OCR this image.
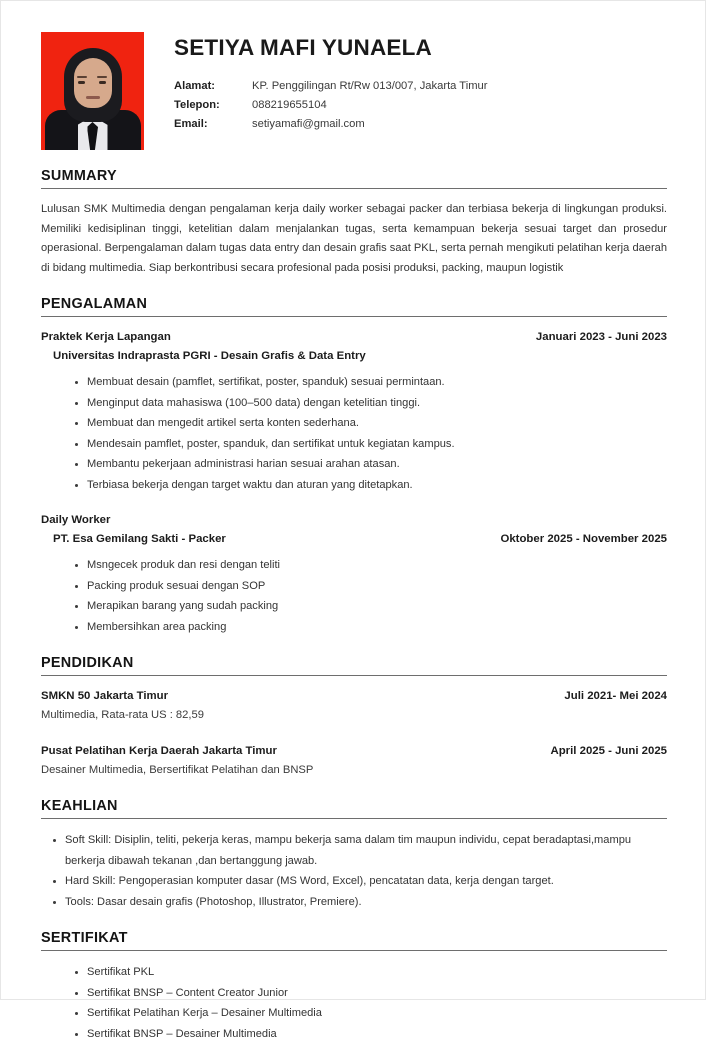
SETIYA MAFI YUNAELA
Alamat:	KP. Penggilingan Rt/Rw 013/007, Jakarta Timur
Telepon:	088219655104
Email:	setiyamafi@gmail.com
SUMMARY

Lulusan SMK Multimedia dengan pengalaman kerja daily worker sebagai packer dan terbiasa bekerja di lingkungan produksi. Memiliki kedisiplinan tinggi, ketelitian dalam menjalankan tugas, serta kemampuan bekerja sesuai target dan prosedur operasional. Berpengalaman dalam tugas data entry dan desain grafis saat PKL, serta pernah mengikuti pelatihan kerja daerah di bidang multimedia. Siap berkontribusi secara profesional pada posisi produksi, packing, maupun logistik

PENGALAMAN
Praktek Kerja Lapangan	Januari 2023 - Juni 2023
Universitas Indraprasta PGRI - Desain Grafis & Data Entry
Membuat desain (pamflet, sertifikat, poster, spanduk) sesuai permintaan.
Menginput data mahasiswa (100–500 data) dengan ketelitian tinggi.
Membuat dan mengedit artikel serta konten sederhana.
Mendesain pamflet, poster, spanduk, dan sertifikat untuk kegiatan kampus.
Membantu pekerjaan administrasi harian sesuai arahan atasan.
Terbiasa bekerja dengan target waktu dan aturan yang ditetapkan.
Daily Worker
PT. Esa Gemilang Sakti - Packer	Oktober 2025 - November 2025
Msngecek produk dan resi dengan teliti
Packing produk sesuai dengan SOP
Merapikan barang yang sudah packing
Membersihkan area packing
PENDIDIKAN
SMKN 50 Jakarta Timur	Juli 2021- Mei 2024
Multimedia, Rata-rata US : 82,59
Pusat Pelatihan Kerja Daerah Jakarta Timur	April 2025 - Juni 2025
Desainer Multimedia, Bersertifikat Pelatihan dan BNSP
KEAHLIAN
Soft Skill: Disiplin, teliti, pekerja keras, mampu bekerja sama dalam tim maupun individu, cepat beradaptasi,mampu berkerja dibawah tekanan ,dan bertanggung jawab.
Hard Skill: Pengoperasian komputer dasar (MS Word, Excel), pencatatan data, kerja dengan target.
Tools: Dasar desain grafis (Photoshop, Illustrator, Premiere).
SERTIFIKAT
Sertifikat PKL
Sertifikat BNSP – Content Creator Junior
Sertifikat Pelatihan Kerja – Desainer Multimedia
Sertifikat BNSP – Desainer Multimedia
